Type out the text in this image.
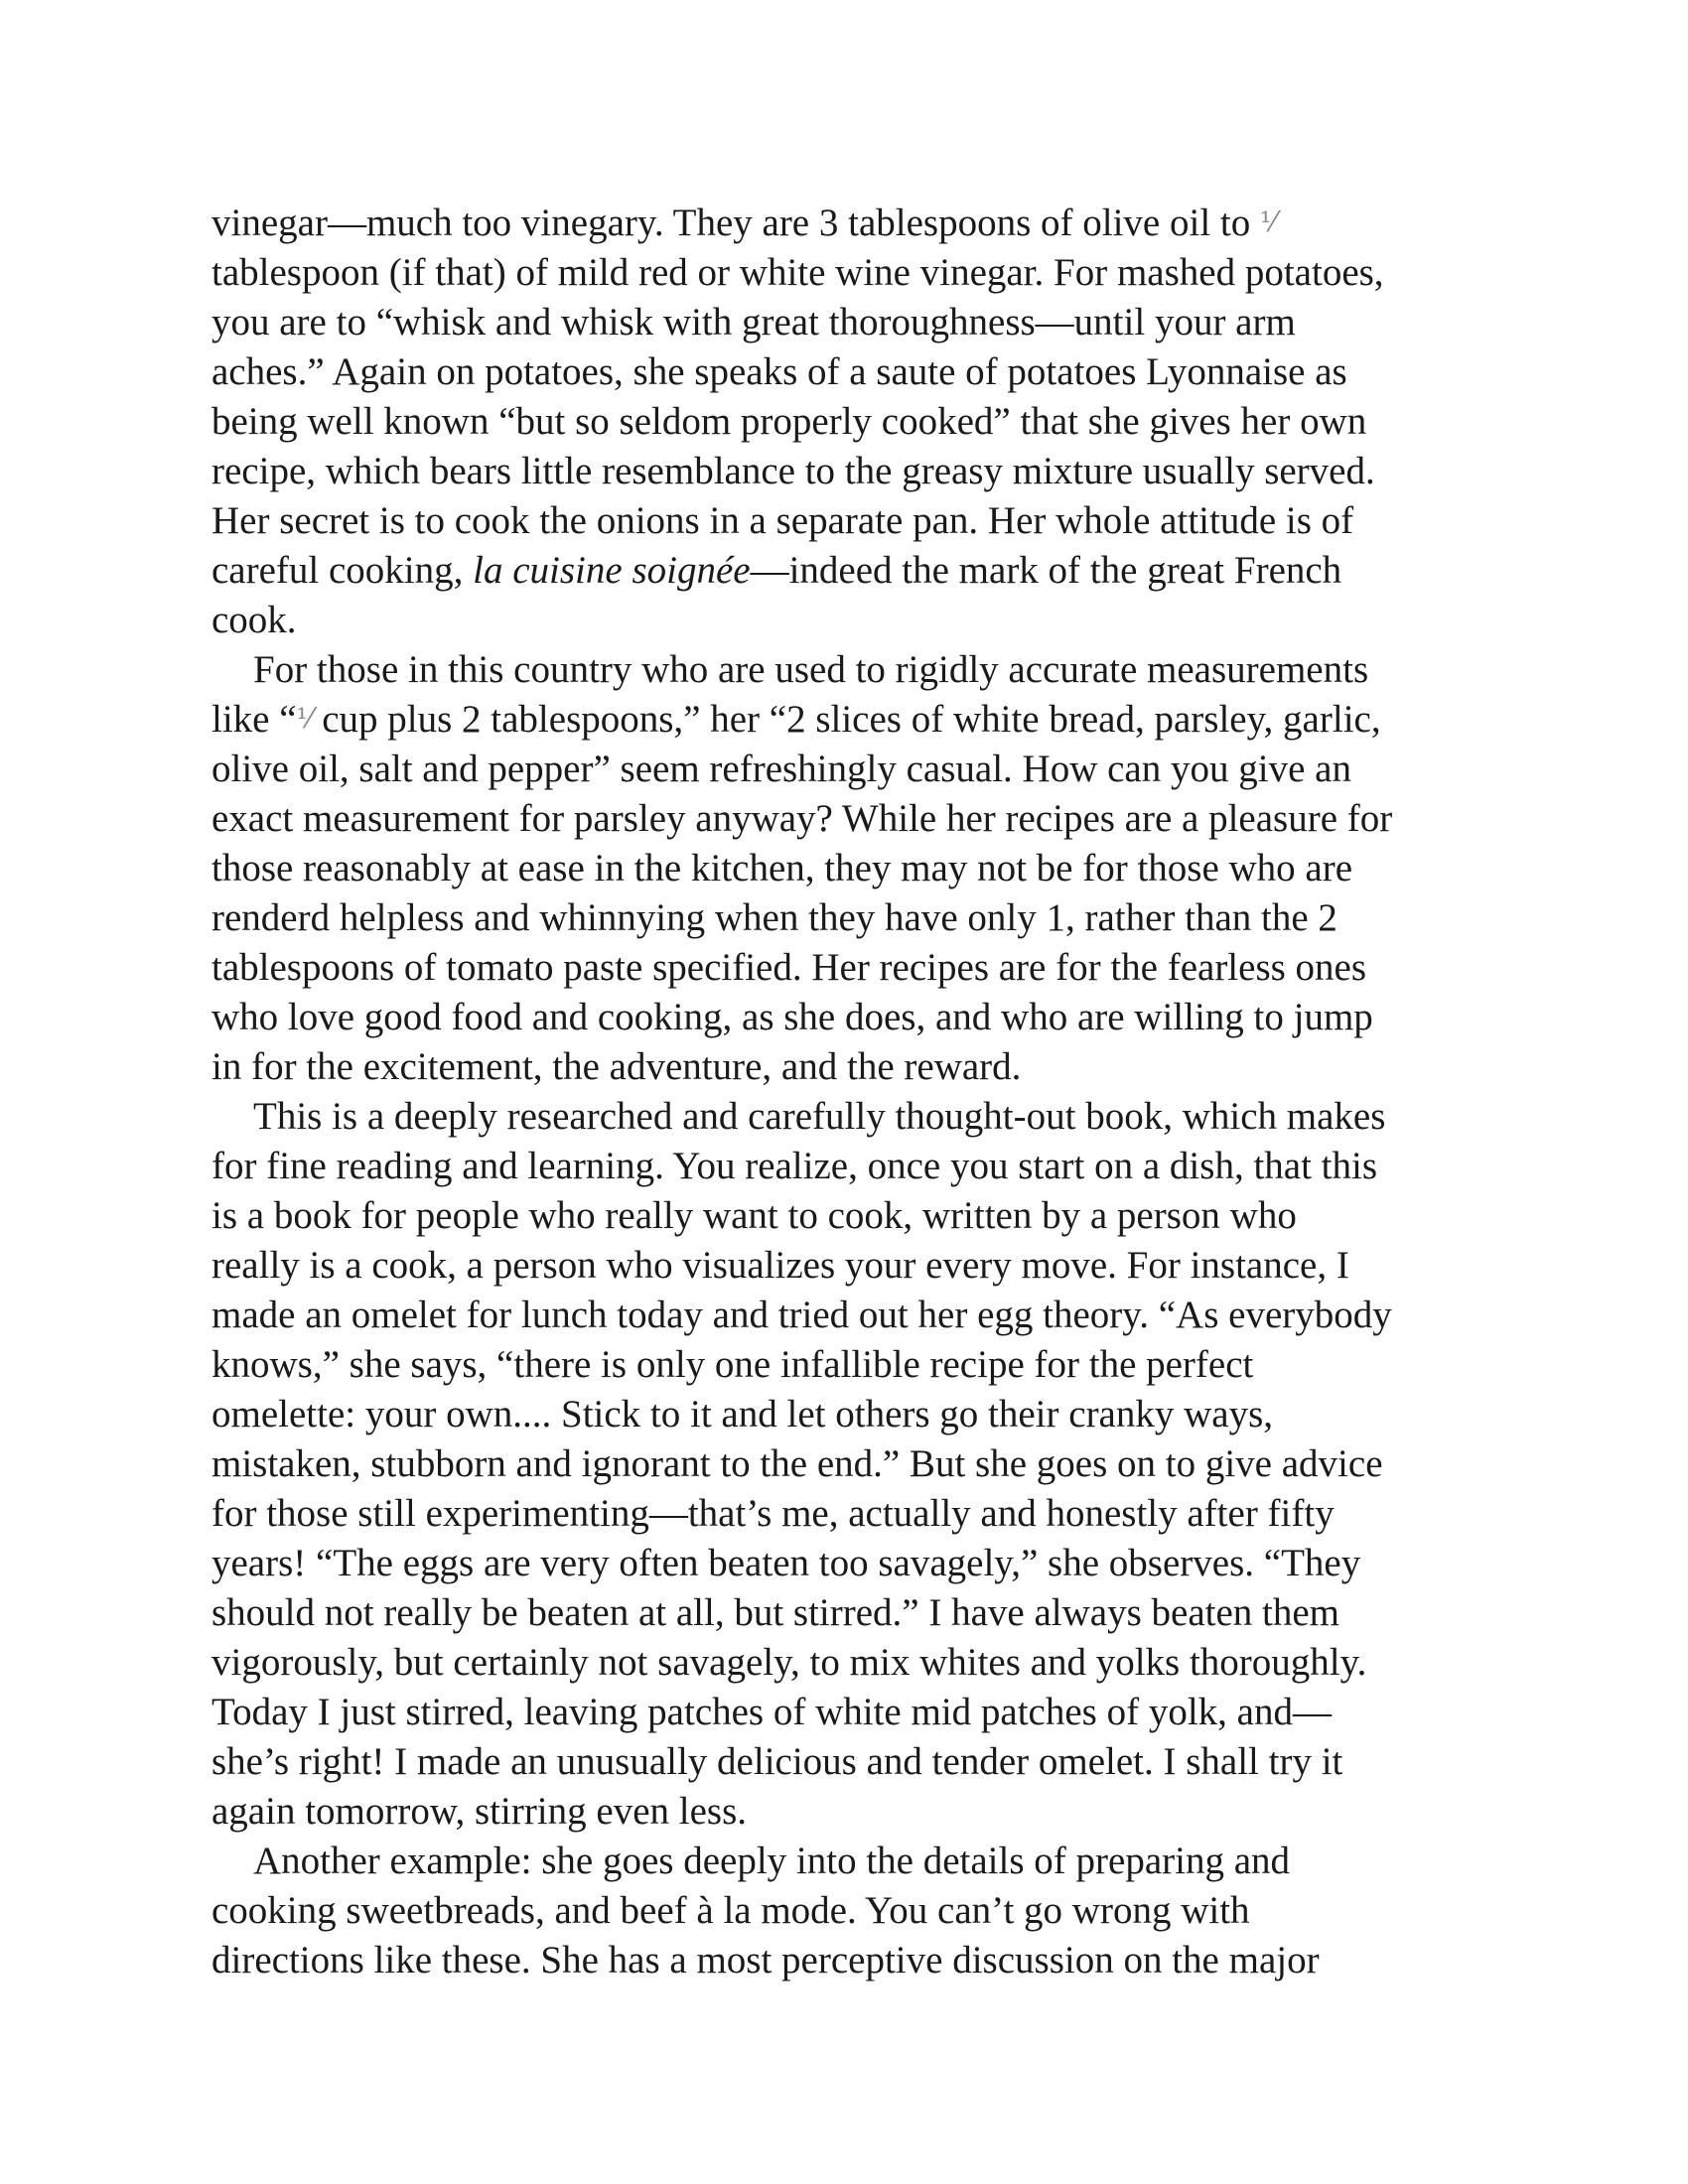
vinegar—much too vinegary. They are 3 tablespoons of olive oil to ⅟
tablespoon (if that) of mild red or white wine vinegar. For mashed potatoes,
you are to “whisk and whisk with great thoroughness—until your arm
aches.” Again on potatoes, she speaks of a saute of potatoes Lyonnaise as
being well known “but so seldom properly cooked” that she gives her own
recipe, which bears little resemblance to the greasy mixture usually served.
Her secret is to cook the onions in a separate pan. Her whole attitude is of
careful cooking, la cuisine soignée—indeed the mark of the great French
cook.
For those in this country who are used to rigidly accurate measurements
like “⅟ cup plus 2 tablespoons,” her “2 slices of white bread, parsley, garlic,
olive oil, salt and pepper” seem refreshingly casual. How can you give an
exact measurement for parsley anyway? While her recipes are a pleasure for
those reasonably at ease in the kitchen, they may not be for those who are
renderd helpless and whinnying when they have only 1, rather than the 2
tablespoons of tomato paste specified. Her recipes are for the fearless ones
who love good food and cooking, as she does, and who are willing to jump
in for the excitement, the adventure, and the reward.
This is a deeply researched and carefully thought-out book, which makes
for fine reading and learning. You realize, once you start on a dish, that this
is a book for people who really want to cook, written by a person who
really is a cook, a person who visualizes your every move. For instance, I
made an omelet for lunch today and tried out her egg theory. “As everybody
knows,” she says, “there is only one infallible recipe for the perfect
omelette: your own.... Stick to it and let others go their cranky ways,
mistaken, stubborn and ignorant to the end.” But she goes on to give advice
for those still experimenting—that’s me, actually and honestly after fifty
years! “The eggs are very often beaten too savagely,” she observes. “They
should not really be beaten at all, but stirred.” I have always beaten them
vigorously, but certainly not savagely, to mix whites and yolks thoroughly.
Today I just stirred, leaving patches of white mid patches of yolk, and—
she’s right! I made an unusually delicious and tender omelet. I shall try it
again tomorrow, stirring even less.
Another example: she goes deeply into the details of preparing and
cooking sweetbreads, and beef à la mode. You can’t go wrong with
directions like these. She has a most perceptive discussion on the major
